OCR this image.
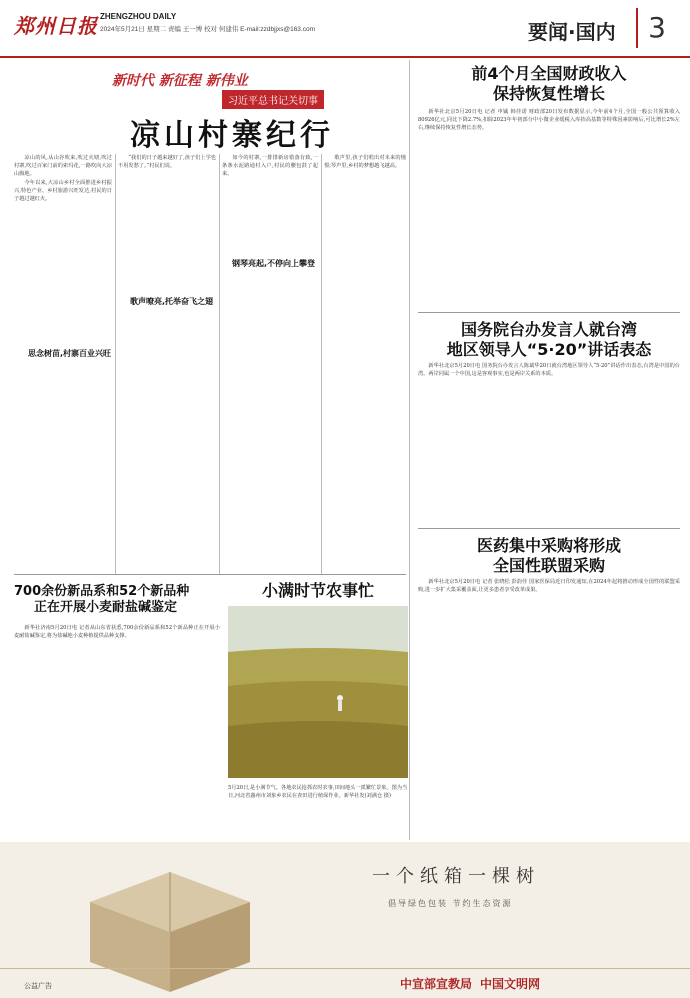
郑州日报 ZHENGZHOU DAILY
2024年5月21日 星期二 责编 王一博 校对 何建伟 E-mail:zzdbjjxs@163.com	要闻·国内	3
新时代 新征程 新伟业
习近平总书记关切事
凉山村寨纪行

凉山的风,从山谷吹来,吹过火塘,吹过村寨,吹过百家门前的索玛花,一路吹向大凉山腹地。

今年以来,大凉山乡村全面推进乡村振兴,特色产业、乡村旅游兴旺发达,村民的日子越过越红火。

思念树苗,村寨百业兴旺

“我们的日子越来越好了,孩子们上学也不用发愁了。”村民们说。

歌声嘹亮,托举奋飞之翅

如今的村寨,一排排新房错落有致,一条条水泥路通村入户,村民的腰包鼓了起来。

钢琴亮起,不停向上攀登

歌声里,孩子们唱出对未来的憧憬;琴声里,乡村的梦想越飞越高。

700余份新品系和52个新品种
正在开展小麦耐盐碱鉴定

新华社济南5月20日电 记者从山东省获悉,700余份新品系和52个新品种正在开展小麦耐盐碱鉴定,将为盐碱地小麦种植提供品种支撑。

小满时节农事忙
5月20日,是小满节气。各地农民抢抓农时农事,田间地头一派繁忙景象。图为当日,河北省蠡州市刘象乡农民在查田进行植保作业。新华社发(刘满仓 摄)
前4个月全国财政收入
保持恢复性增长

新华社北京5月20日电 记者 申铖 韩佳诺 财政部20日发布数据显示,今年前4个月,全国一般公共预算收入80926亿元,同比下降2.7%,扣除2023年年初部分中小微企业缓税入库抬高基数等特殊因素影响后,可比增长2%左右,继续保持恢复性增长态势。

国务院台办发言人就台湾
地区领导人“5·20”讲话表态

新华社北京5月20日电 国务院台办发言人陈斌华20日就台湾地区领导人“5·20”讲话作出表态,台湾是中国的台湾。两岸同属一个中国,这是客观事实,也是两岸关系的本质。

医药集中采购将形成
全国性联盟采购

新华社北京5月20日电 记者 张晓松 彭韵佳 国家医保局近日印发通知,在2024年起将推动形成全国性的联盟采购,进一步扩大集采覆盖面,让更多患者享受改革成果。

一个纸箱一棵树
倡导绿色包装 节约生态资源
公益广告	中宣部宣教局 中国文明网
